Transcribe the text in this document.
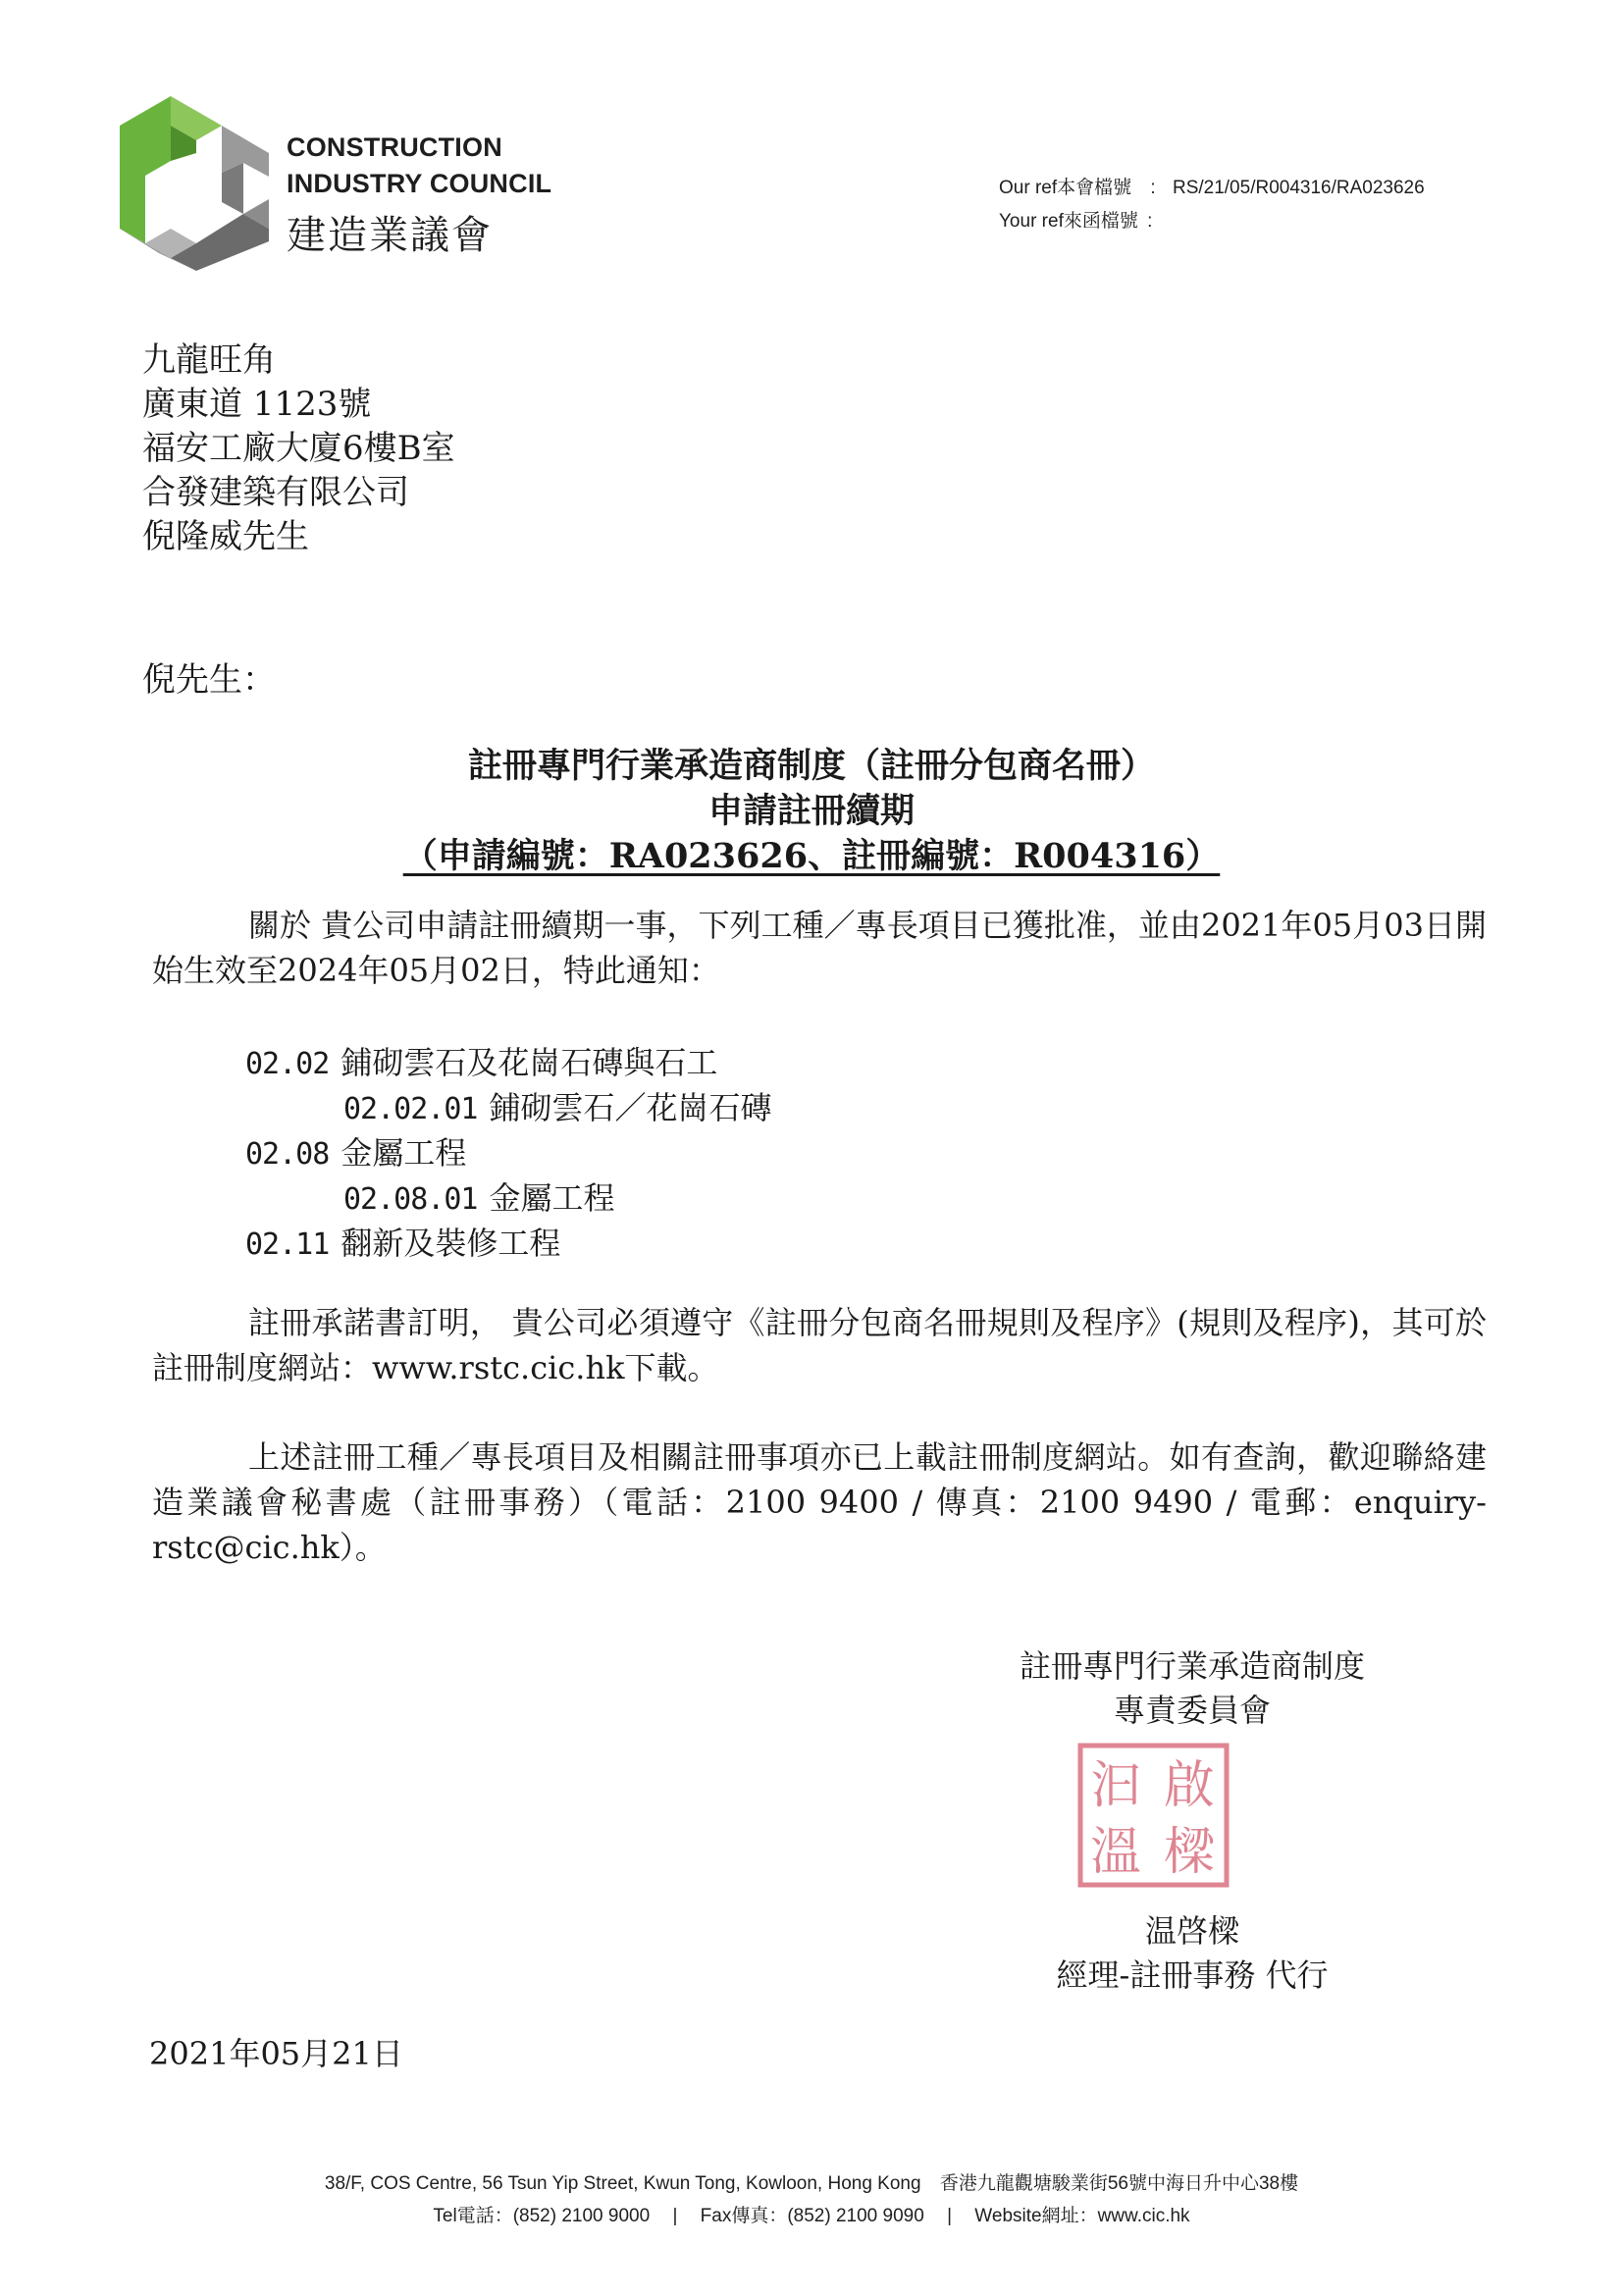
CONSTRUCTION
INDUSTRY COUNCIL
建造業議會
Our ref本會檔號 : RS/21/05/R004316/RA023626
Your ref來函檔號 :
九龍旺角
廣東道 1123號
福安工廠大廈6樓B室
合發建築有限公司
倪隆威先生
倪先生：
註冊專門行業承造商制度（註冊分包商名冊）
申請註冊續期
（申請編號：RA023626、註冊編號：R004316）
關於 貴公司申請註冊續期一事，下列工種／專長項目已獲批准，並由2021年05月03日開始生效至2024年05月02日，特此通知：
02.02 鋪砌雲石及花崗石磚與石工
02.02.01 鋪砌雲石／花崗石磚
02.08 金屬工程
02.08.01 金屬工程
02.11 翻新及裝修工程
註冊承諾書訂明， 貴公司必須遵守《註冊分包商名冊規則及程序》(規則及程序)，其可於註冊制度網站：www.rstc.cic.hk下載。
上述註冊工種／專長項目及相關註冊事項亦已上載註冊制度網站。如有查詢，歡迎聯絡建造業議會秘書處（註冊事務）（電話：2100 9400 / 傳真：2100 9490 / 電郵：enquiry-rstc@cic.hk）。
註冊專門行業承造商制度
專責委員會
汩 啟
溫 樑
温啓樑
經理-註冊事務 代行
2021年05月21日
38/F, COS Centre, 56 Tsun Yip Street, Kwun Tong, Kowloon, Hong Kong 香港九龍觀塘駿業街56號中海日升中心38樓
Tel電話：(852) 2100 9000 | Fax傳真：(852) 2100 9090 | Website網址：www.cic.hk
